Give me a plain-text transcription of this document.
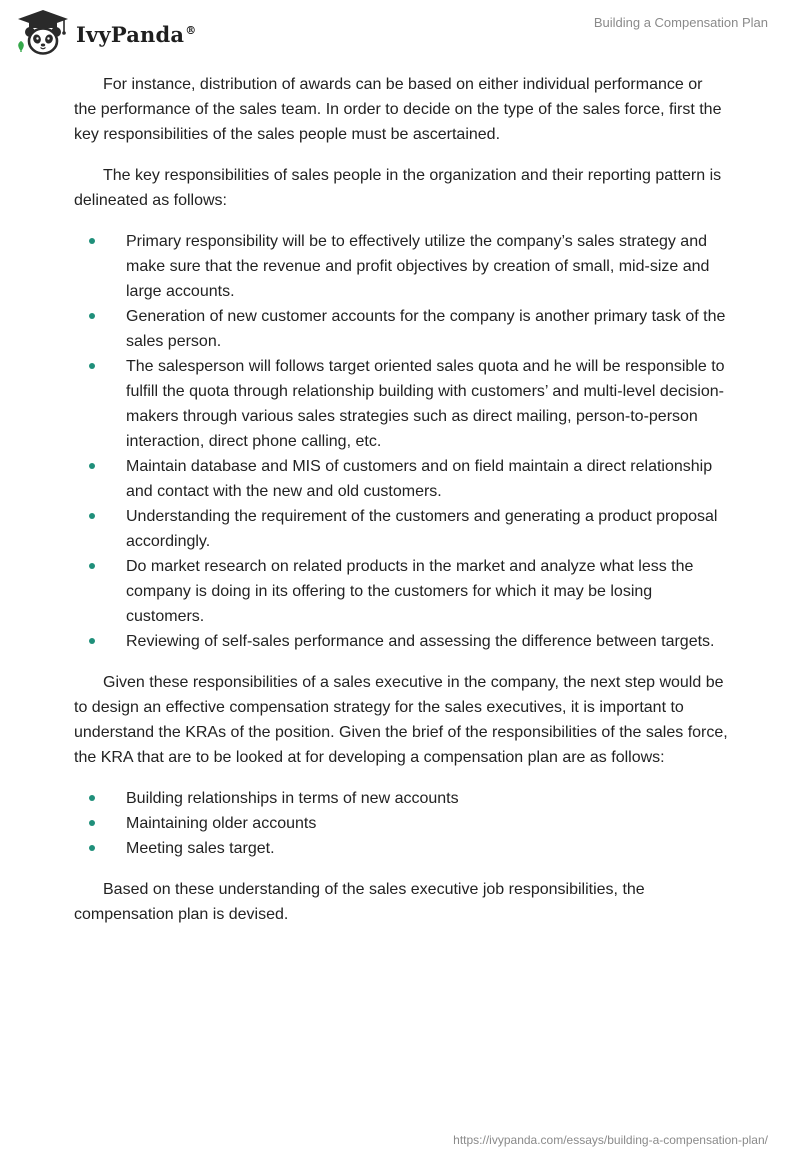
IvyPanda®	Building a Compensation Plan

For instance, distribution of awards can be based on either individual performance or the performance of the sales team. In order to decide on the type of the sales force, first the key responsibilities of the sales people must be ascertained.

The key responsibilities of sales people in the organization and their reporting pattern is delineated as follows:

Primary responsibility will be to effectively utilize the company’s sales strategy and make sure that the revenue and profit objectives by creation of small, mid-size and large accounts.
Generation of new customer accounts for the company is another primary task of the sales person.
The salesperson will follows target oriented sales quota and he will be responsible to fulfill the quota through relationship building with customers’ and multi-level decision-makers through various sales strategies such as direct mailing, person-to-person interaction, direct phone calling, etc.
Maintain database and MIS of customers and on field maintain a direct relationship and contact with the new and old customers.
Understanding the requirement of the customers and generating a product proposal accordingly.
Do market research on related products in the market and analyze what less the company is doing in its offering to the customers for which it may be losing customers.
Reviewing of self-sales performance and assessing the difference between targets.

Given these responsibilities of a sales executive in the company, the next step would be to design an effective compensation strategy for the sales executives, it is important to understand the KRAs of the position. Given the brief of the responsibilities of the sales force, the KRA that are to be looked at for developing a compensation plan are as follows:

Building relationships in terms of new accounts
Maintaining older accounts
Meeting sales target.

Based on these understanding of the sales executive job responsibilities, the compensation plan is devised.

https://ivypanda.com/essays/building-a-compensation-plan/
